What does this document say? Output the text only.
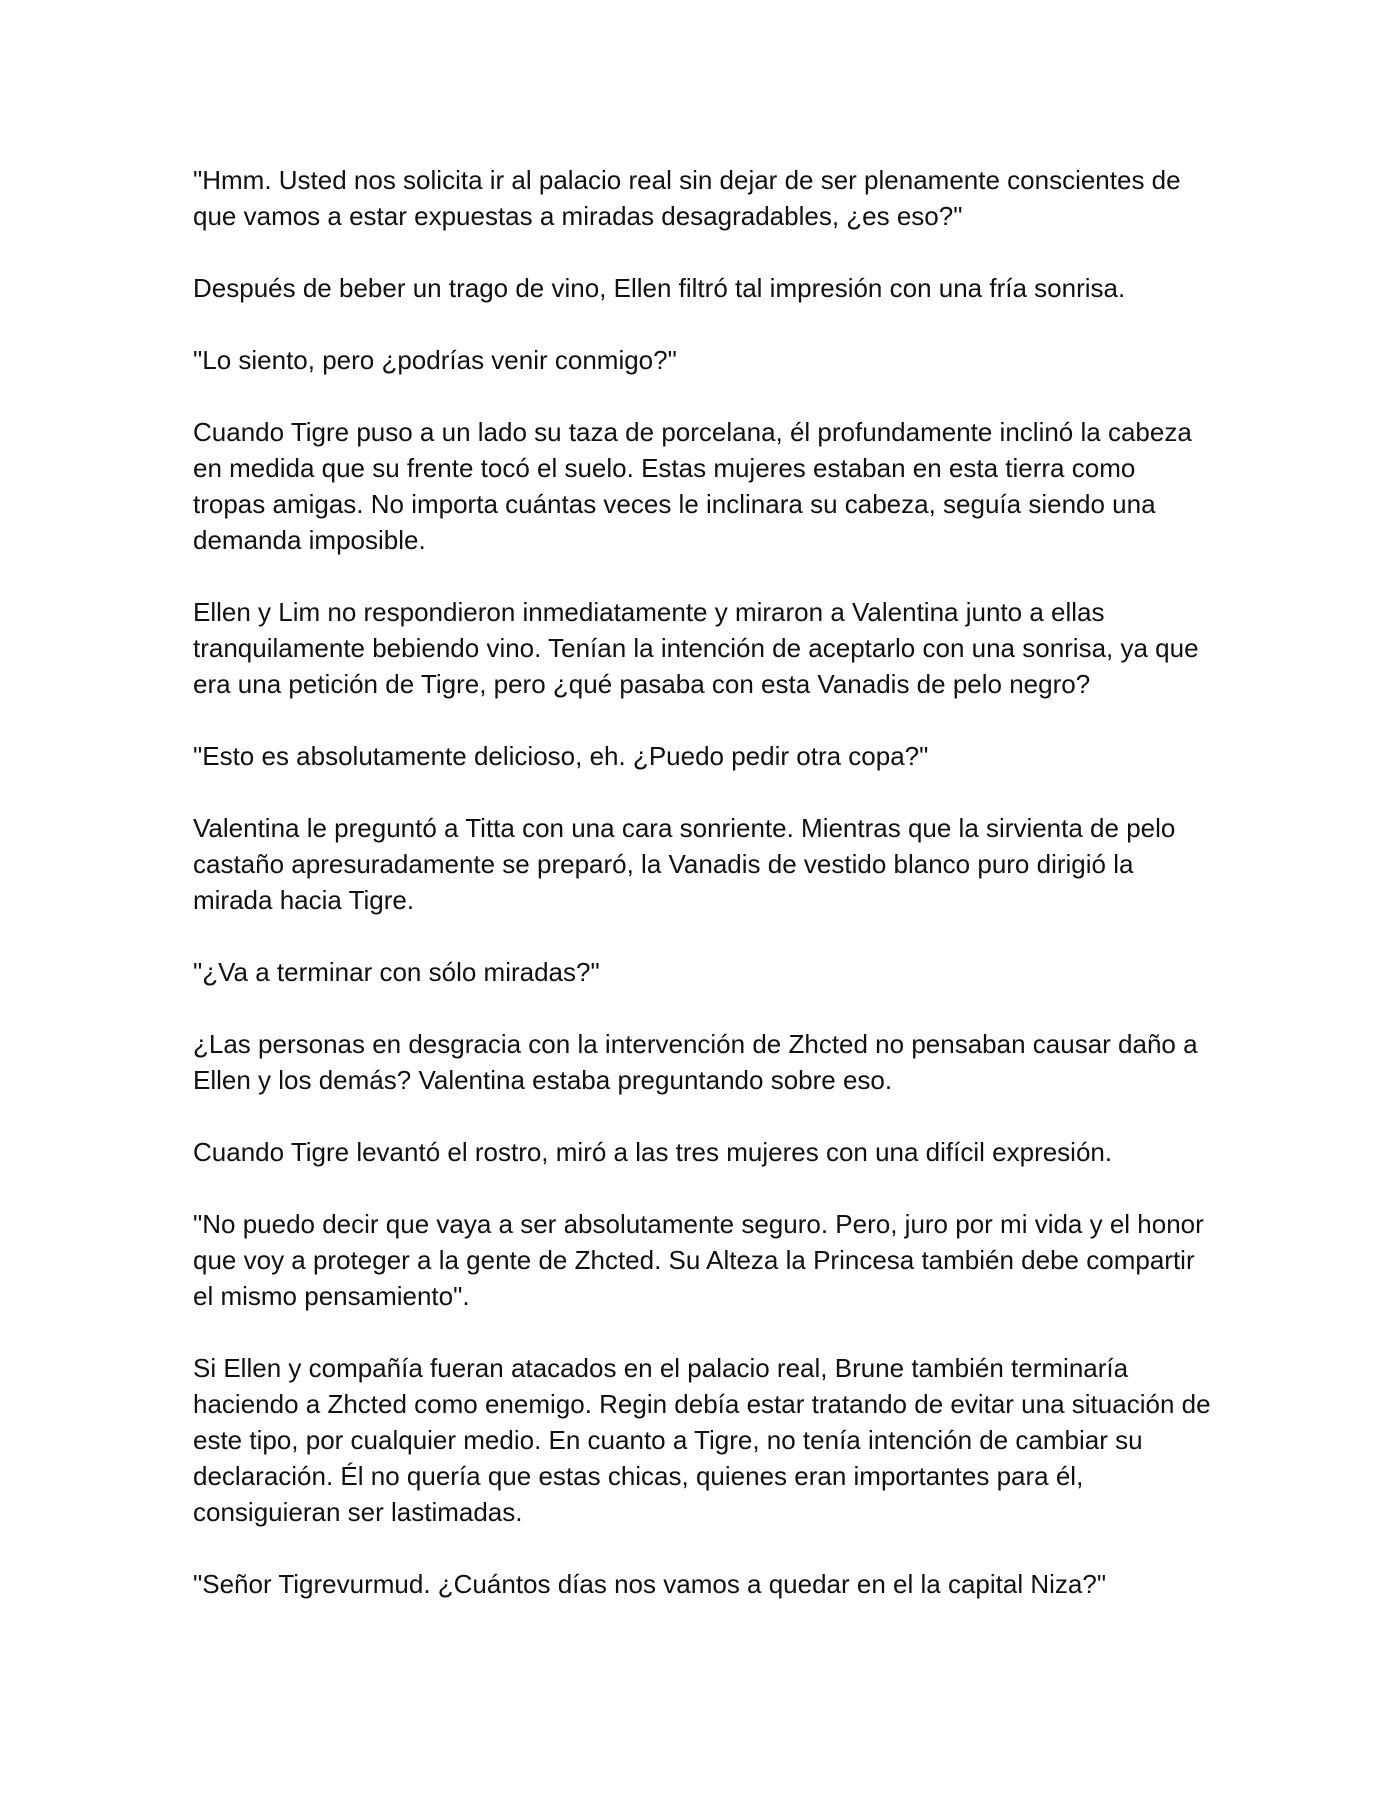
"Hmm. Usted nos solicita ir al palacio real sin dejar de ser plenamente conscientes de que vamos a estar expuestas a miradas desagradables, ¿es eso?"

Después de beber un trago de vino, Ellen filtró tal impresión con una fría sonrisa.

"Lo siento, pero ¿podrías venir conmigo?"

Cuando Tigre puso a un lado su taza de porcelana, él profundamente inclinó la cabeza en medida que su frente tocó el suelo. Estas mujeres estaban en esta tierra como tropas amigas. No importa cuántas veces le inclinara su cabeza, seguía siendo una demanda imposible.

Ellen y Lim no respondieron inmediatamente y miraron a Valentina junto a ellas tranquilamente bebiendo vino. Tenían la intención de aceptarlo con una sonrisa, ya que era una petición de Tigre, pero ¿qué pasaba con esta Vanadis de pelo negro?

"Esto es absolutamente delicioso, eh. ¿Puedo pedir otra copa?"

Valentina le preguntó a Titta con una cara sonriente. Mientras que la sirvienta de pelo castaño apresuradamente se preparó, la Vanadis de vestido blanco puro dirigió la mirada hacia Tigre.

"¿Va a terminar con sólo miradas?"

¿Las personas en desgracia con la intervención de Zhcted no pensaban causar daño a Ellen y los demás? Valentina estaba preguntando sobre eso.

Cuando Tigre levantó el rostro, miró a las tres mujeres con una difícil expresión.

"No puedo decir que vaya a ser absolutamente seguro. Pero, juro por mi vida y el honor que voy a proteger a la gente de Zhcted. Su Alteza la Princesa también debe compartir el mismo pensamiento".

Si Ellen y compañía fueran atacados en el palacio real, Brune también terminaría haciendo a Zhcted como enemigo. Regin debía estar tratando de evitar una situación de este tipo, por cualquier medio. En cuanto a Tigre, no tenía intención de cambiar su declaración. Él no quería que estas chicas, quienes eran importantes para él, consiguieran ser lastimadas.

"Señor Tigrevurmud. ¿Cuántos días nos vamos a quedar en el la capital Niza?"
